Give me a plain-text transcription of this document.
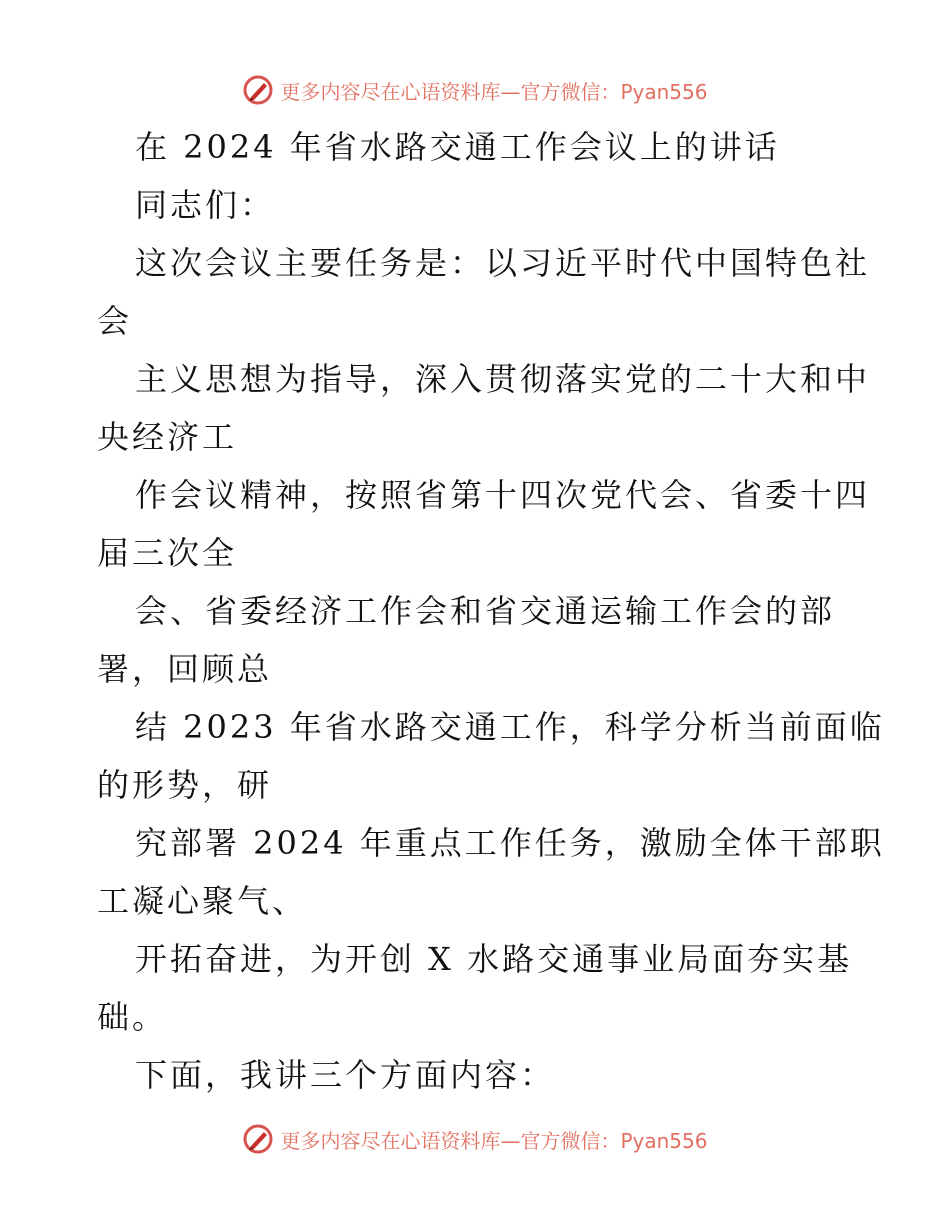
更多内容尽在心语资料库—官方微信：Pyan556
在 2024 年省水路交通工作会议上的讲话
同志们：
这次会议主要任务是：以习近平时代中国特色社
会
主义思想为指导，深入贯彻落实党的二十大和中
央经济工
作会议精神，按照省第十四次党代会、省委十四
届三次全
会、省委经济工作会和省交通运输工作会的部
署，回顾总
结 2023 年省水路交通工作，科学分析当前面临
的形势，研
究部署 2024 年重点工作任务，激励全体干部职
工凝心聚气、
开拓奋进，为开创 X 水路交通事业局面夯实基
础。
下面，我讲三个方面内容：
更多内容尽在心语资料库—官方微信：Pyan556
